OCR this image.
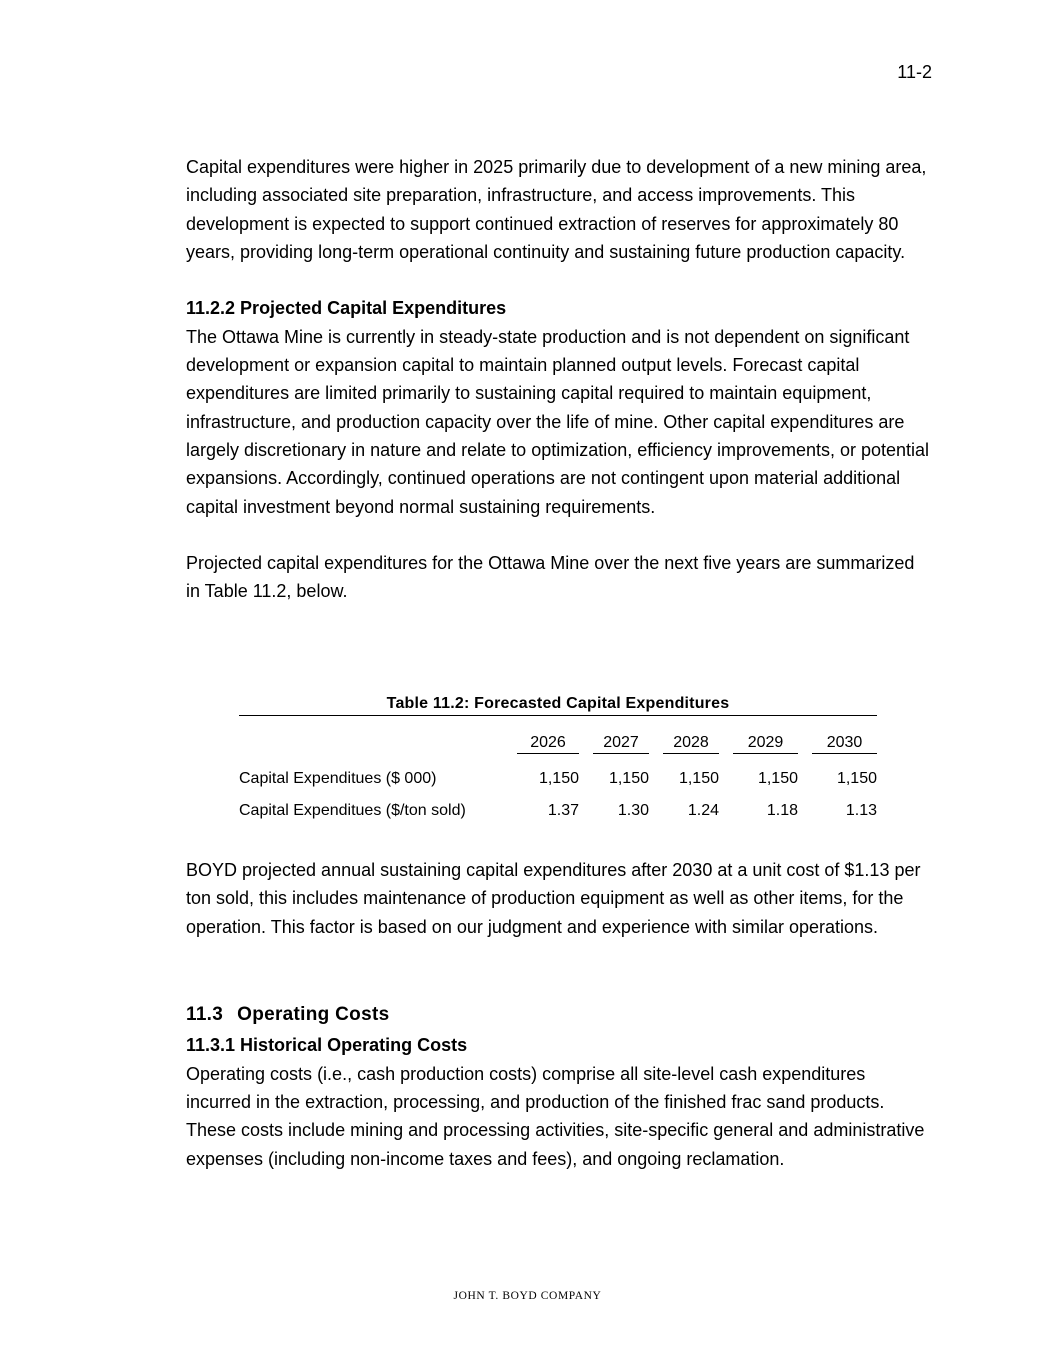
11-2

Capital expenditures were higher in 2025 primarily due to development of a new mining area, including associated site preparation, infrastructure, and access improvements. This development is expected to support continued extraction of reserves for approximately 80 years, providing long-term operational continuity and sustaining future production capacity.

11.2.2 Projected Capital Expenditures

The Ottawa Mine is currently in steady-state production and is not dependent on significant development or expansion capital to maintain planned output levels. Forecast capital expenditures are limited primarily to sustaining capital required to maintain equipment, infrastructure, and production capacity over the life of mine. Other capital expenditures are largely discretionary in nature and relate to optimization, efficiency improvements, or potential expansions. Accordingly, continued operations are not contingent upon material additional capital investment beyond normal sustaining requirements.

Projected capital expenditures for the Ottawa Mine over the next five years are summarized in Table 11.2, below.

Table 11.2: Forecasted Capital Expenditures

	2026	2027	2028	2029	2030

Capital Expenditues ($ 000)	1,150	1,150	1,150	1,150	1,150
Capital Expenditues ($/ton sold)	1.37	1.30	1.24	1.18	1.13

BOYD projected annual sustaining capital expenditures after 2030 at a unit cost of $1.13 per ton sold, this includes maintenance of production equipment as well as other items, for the operation. This factor is based on our judgment and experience with similar operations.

11.3 Operating Costs

11.3.1 Historical Operating Costs

Operating costs (i.e., cash production costs) comprise all site-level cash expenditures incurred in the extraction, processing, and production of the finished frac sand products. These costs include mining and processing activities, site-specific general and administrative expenses (including non-income taxes and fees), and ongoing reclamation.

JOHN T. BOYD COMPANY
